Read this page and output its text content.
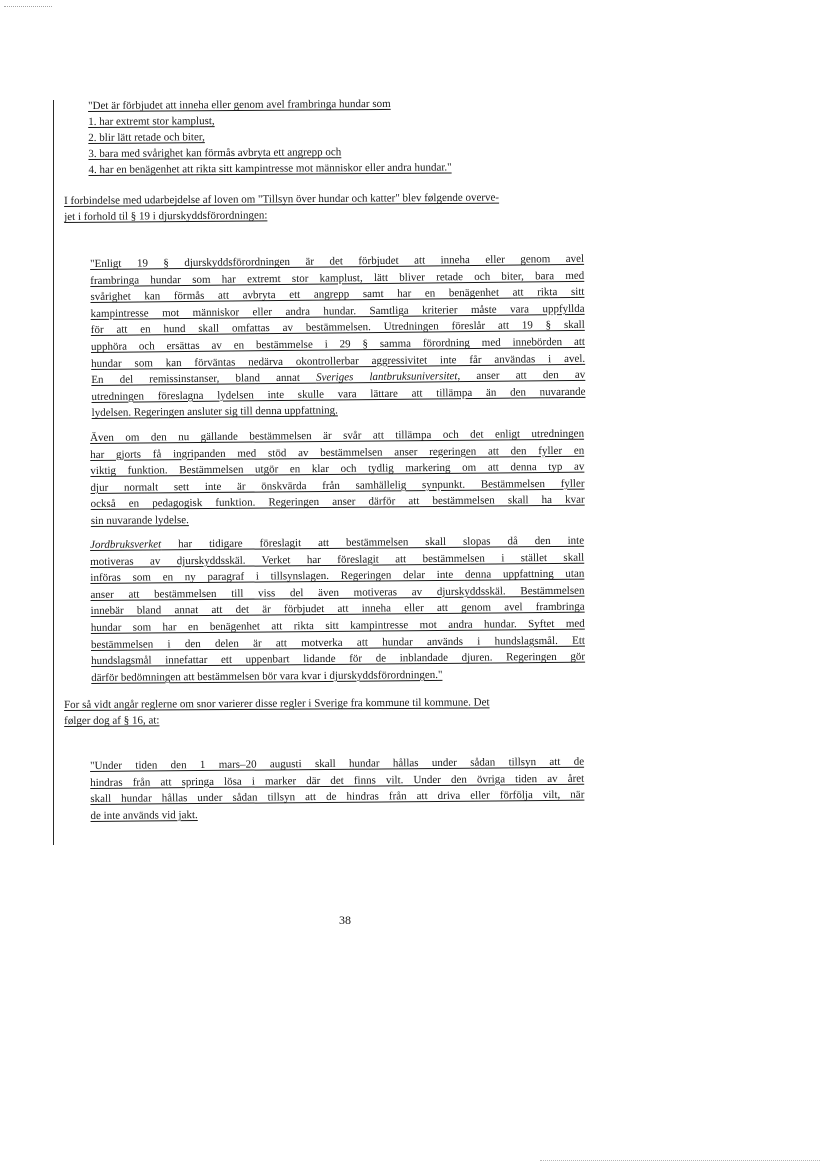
"Det är förbjudet att inneha eller genom avel frambringa hundar som
1. har extremt stor kamplust,
2. blir lätt retade och biter,
3. bara med svårighet kan förmås avbryta ett angrepp och
4. har en benägenhet att rikta sitt kampintresse mot människor eller andra hundar."
I forbindelse med udarbejdelse af loven om "Tillsyn över hundar och katter" blev følgende overve-
jet i forhold til § 19 i djurskyddsförordningen:
"Enligt 19 § djurskyddsförordningen är det förbjudet att inneha eller genom avel
frambringa hundar som har extremt stor kamplust, lätt bliver retade och biter, bara med
svårighet kan förmås att avbryta ett angrepp samt har en benägenhet att rikta sitt
kampintresse mot människor eller andra hundar. Samtliga kriterier måste vara uppfyllda
för att en hund skall omfattas av bestämmelsen. Utredningen föreslår att 19 § skall
upphöra och ersättas av en bestämmelse i 29 § samma förordning med innebörden att
hundar som kan förväntas nedärva okontrollerbar aggressivitet inte får användas i avel.
En del remissinstanser, bland annat Sveriges lantbruksuniversitet, anser att den av
utredningen föreslagna lydelsen inte skulle vara lättare att tillämpa än den nuvarande
lydelsen. Regeringen ansluter sig till denna uppfattning.
Även om den nu gällande bestämmelsen är svår att tillämpa och det enligt utredningen
har gjorts få ingripanden med stöd av bestämmelsen anser regeringen att den fyller en
viktig funktion. Bestämmelsen utgör en klar och tydlig markering om att denna typ av
djur normalt sett inte är önskvärda från samhällelig synpunkt. Bestämmelsen fyller
också en pedagogisk funktion. Regeringen anser därför att bestämmelsen skall ha kvar
sin nuvarande lydelse.
Jordbruksverket har tidigare föreslagit att bestämmelsen skall slopas då den inte
motiveras av djurskyddsskäl. Verket har föreslagit att bestämmelsen i stället skall
införas som en ny paragraf i tillsynslagen. Regeringen delar inte denna uppfattning utan
anser att bestämmelsen till viss del även motiveras av djurskyddsskäl. Bestämmelsen
innebär bland annat att det är förbjudet att inneha eller att genom avel frambringa
hundar som har en benägenhet att rikta sitt kampintresse mot andra hundar. Syftet med
bestämmelsen i den delen är att motverka att hundar används i hundslagsmål. Ett
hundslagsmål innefattar ett uppenbart lidande för de inblandade djuren. Regeringen gör
därför bedömningen att bestämmelsen bör vara kvar i djurskyddsförordningen."
For så vidt angår reglerne om snor varierer disse regler i Sverige fra kommune til kommune. Det
følger dog af § 16, at:
"Under tiden den 1 mars–20 augusti skall hundar hållas under sådan tillsyn att de
hindras från att springa lösa i marker där det finns vilt. Under den övriga tiden av året
skall hundar hållas under sådan tillsyn att de hindras från att driva eller förfölja vilt, när
de inte används vid jakt.
38
